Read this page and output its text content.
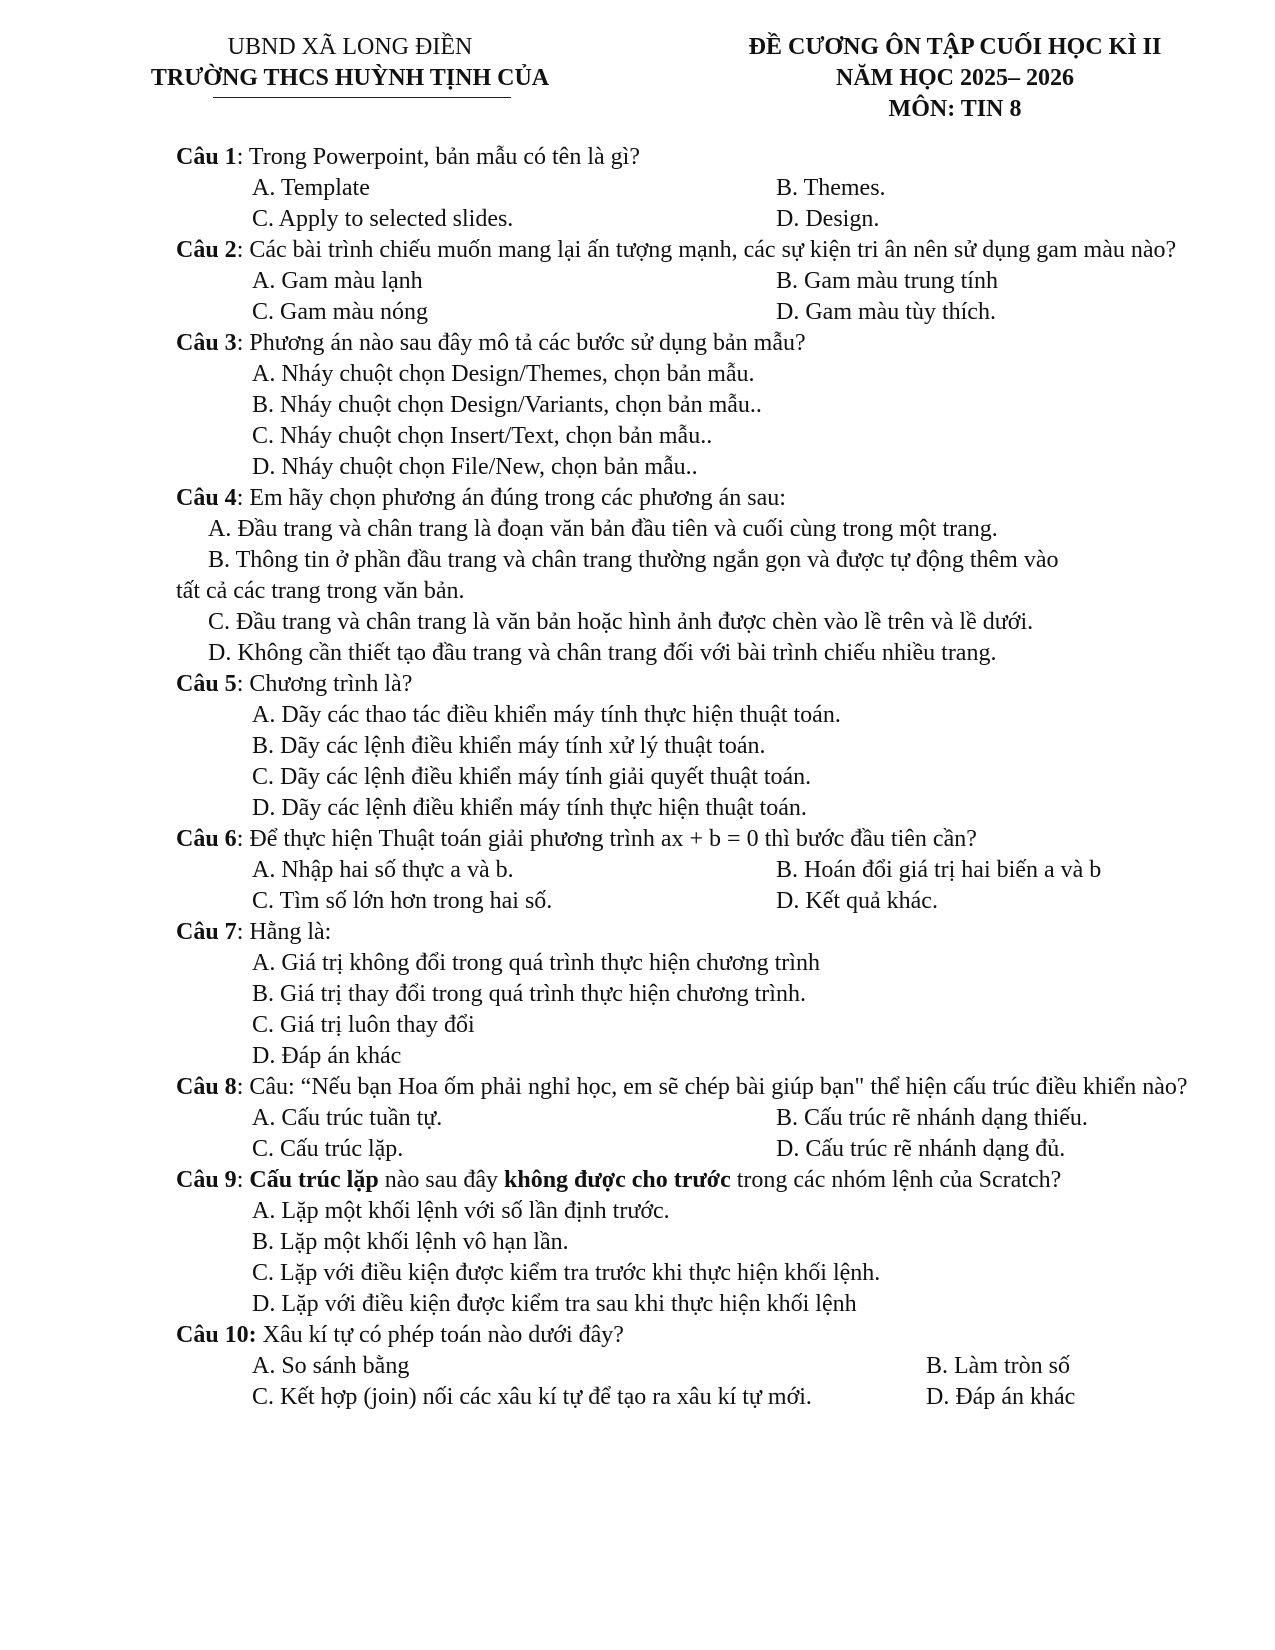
UBND XÃ LONG ĐIỀN
TRƯỜNG THCS HUỲNH TỊNH CỦA
ĐỀ CƯƠNG ÔN TẬP CUỐI HỌC KÌ II
NĂM HỌC 2025– 2026
MÔN: TIN 8

Câu 1: Trong Powerpoint, bản mẫu có tên là gì?

A. Template	B. Themes.
C. Apply to selected slides.	D. Design.

Câu 2: Các bài trình chiếu muốn mang lại ấn tượng mạnh, các sự kiện tri ân nên sử dụng gam màu nào?

A. Gam màu lạnh	B. Gam màu trung tính
C. Gam màu nóng	D. Gam màu tùy thích.

Câu 3: Phương án nào sau đây mô tả các bước sử dụng bản mẫu?

A. Nháy chuột chọn Design/Themes, chọn bản mẫu.
B. Nháy chuột chọn Design/Variants, chọn bản mẫu..
C. Nháy chuột chọn Insert/Text, chọn bản mẫu..
D. Nháy chuột chọn File/New, chọn bản mẫu..

Câu 4: Em hãy chọn phương án đúng trong các phương án sau:

A. Đầu trang và chân trang là đoạn văn bản đầu tiên và cuối cùng trong một trang.
B. Thông tin ở phần đầu trang và chân trang thường ngắn gọn và được tự động thêm vào
tất cả các trang trong văn bản.
C. Đầu trang và chân trang là văn bản hoặc hình ảnh được chèn vào lề trên và lề dưới.
D. Không cần thiết tạo đầu trang và chân trang đối với bài trình chiếu nhiều trang.

Câu 5: Chương trình là?

A. Dãy các thao tác điều khiển máy tính thực hiện thuật toán.
B. Dãy các lệnh điều khiển máy tính xử lý thuật toán.
C. Dãy các lệnh điều khiển máy tính giải quyết thuật toán.
D. Dãy các lệnh điều khiển máy tính thực hiện thuật toán.

Câu 6: Để thực hiện Thuật toán giải phương trình ax + b = 0 thì bước đầu tiên cần?

A. Nhập hai số thực a và b.	B. Hoán đổi giá trị hai biến a và b
C. Tìm số lớn hơn trong hai số.	D. Kết quả khác.

Câu 7: Hằng là:

A. Giá trị không đổi trong quá trình thực hiện chương trình
B. Giá trị thay đổi trong quá trình thực hiện chương trình.
C. Giá trị luôn thay đổi
D. Đáp án khác

Câu 8: Câu: “Nếu bạn Hoa ốm phải nghỉ học, em sẽ chép bài giúp bạn" thể hiện cấu trúc điều khiển nào?

A. Cấu trúc tuần tự.	B. Cấu trúc rẽ nhánh dạng thiếu.
C. Cấu trúc lặp.	D. Cấu trúc rẽ nhánh dạng đủ.

Câu 9: Cấu trúc lặp nào sau đây không được cho trước trong các nhóm lệnh của Scratch?

A. Lặp một khối lệnh với số lần định trước.
B. Lặp một khối lệnh vô hạn lần.
C. Lặp với điều kiện được kiểm tra trước khi thực hiện khối lệnh.
D. Lặp với điều kiện được kiểm tra sau khi thực hiện khối lệnh

Câu 10: Xâu kí tự có phép toán nào dưới đây?

A. So sánh bằng	B. Làm tròn số
C. Kết hợp (join) nối các xâu kí tự để tạo ra xâu kí tự mới.	D. Đáp án khác
